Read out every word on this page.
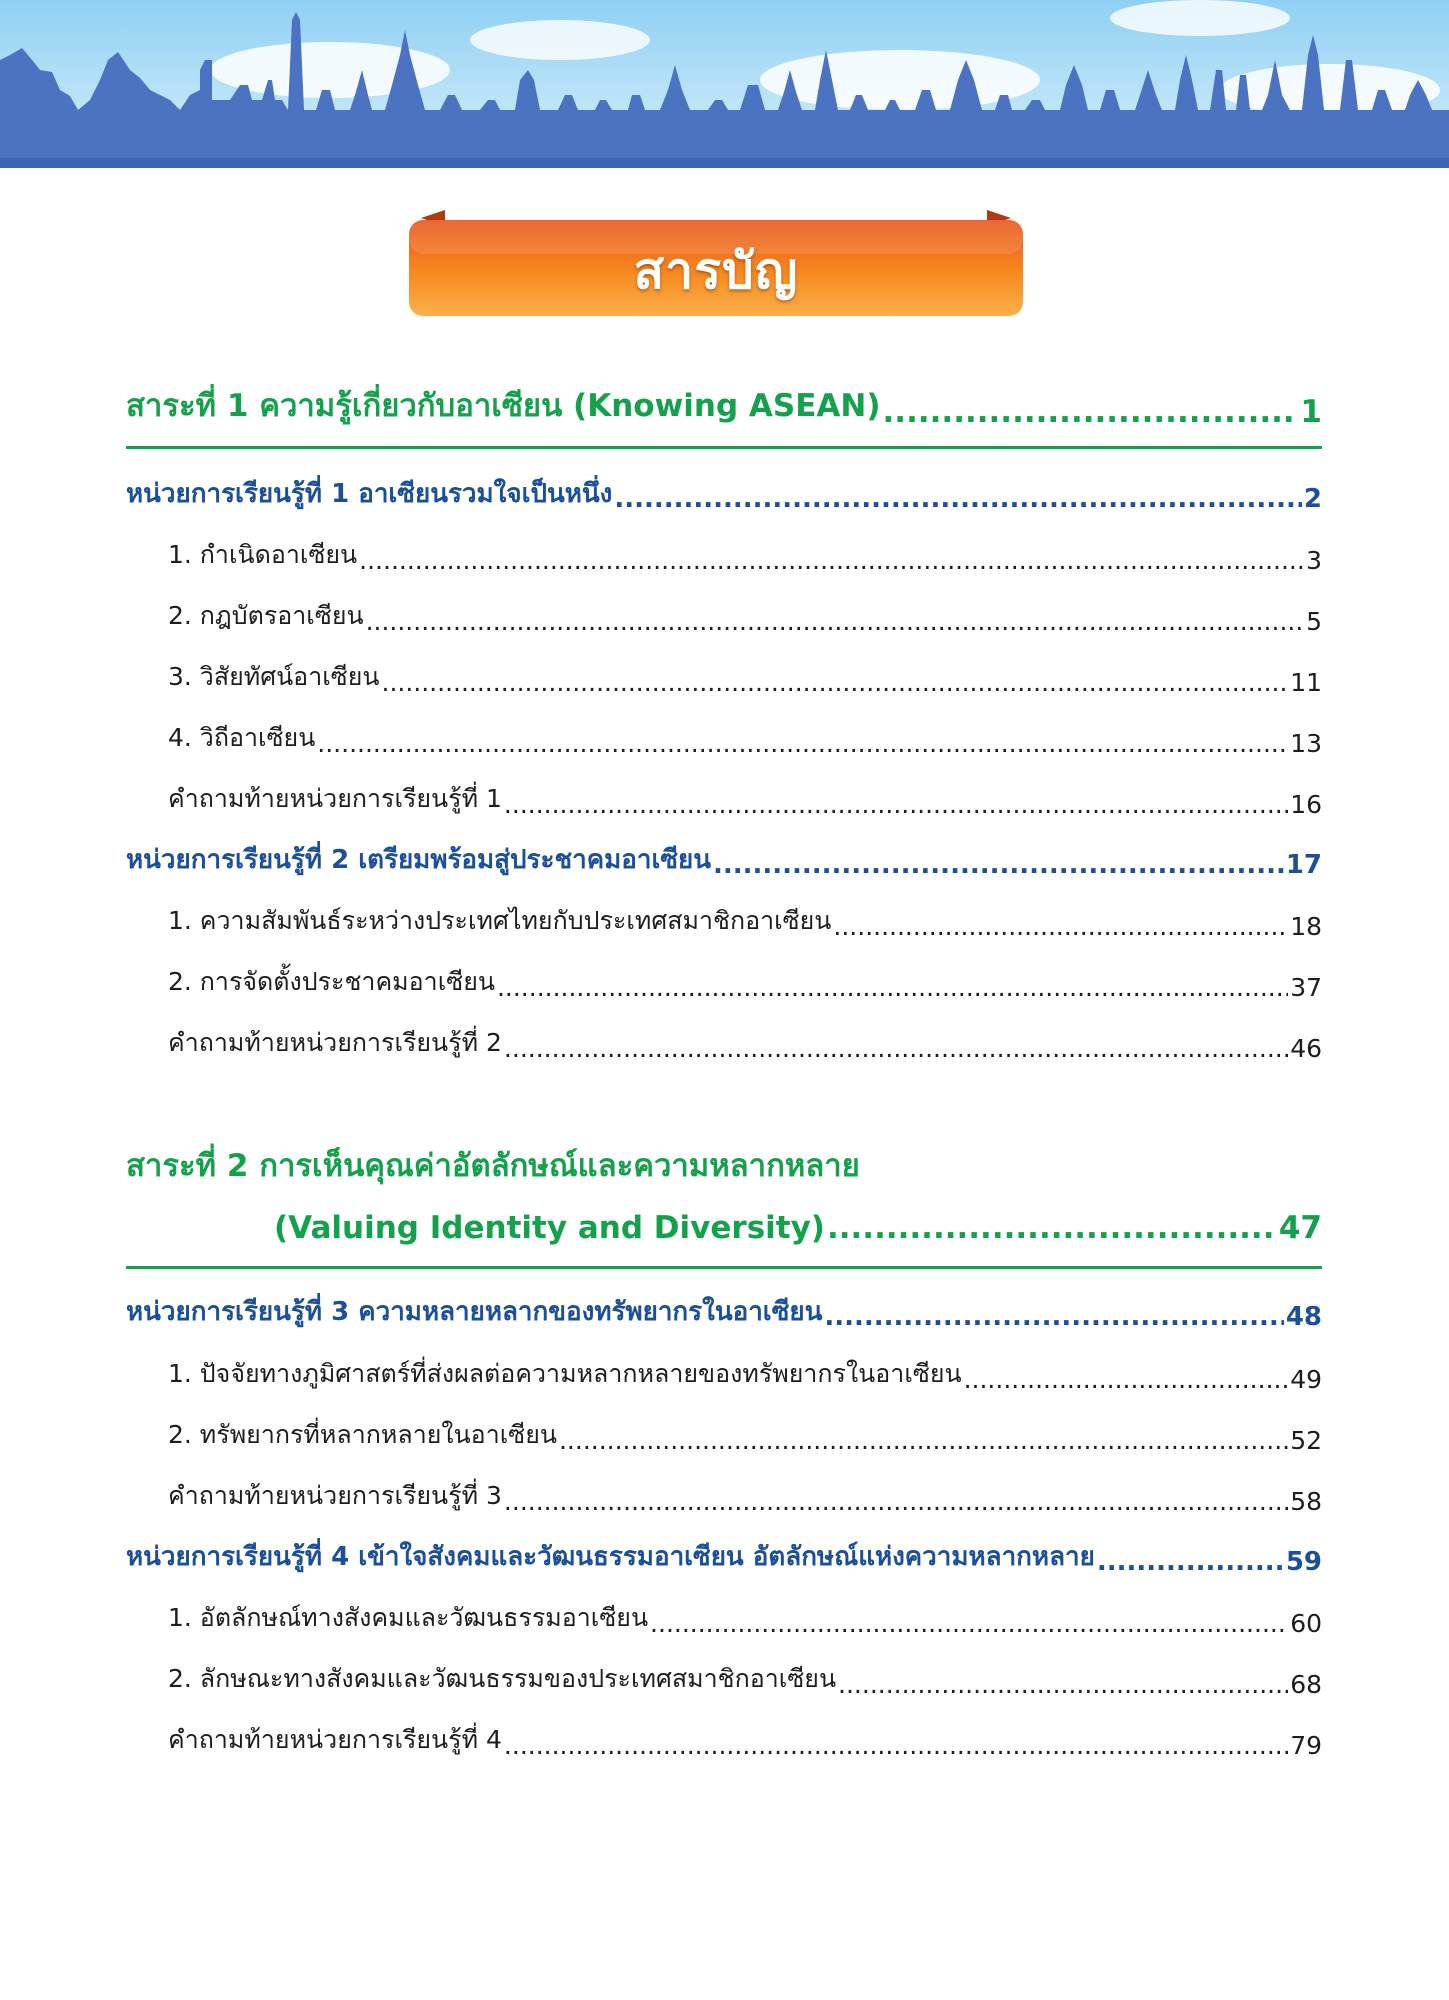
สารบัญ
สาระที่ 1 ความรู้เกี่ยวกับอาเซียน (Knowing ASEAN) .....	1
หน่วยการเรียนรู้ที่ 1 อาเซียนรวมใจเป็นหนึ่ง .....	2
1. กำเนิดอาเซียน .....	3
2. กฎบัตรอาเซียน .....	5
3. วิสัยทัศน์อาเซียน .....	11
4. วิถีอาเซียน .....	13
คำถามท้ายหน่วยการเรียนรู้ที่ 1 .....	16
หน่วยการเรียนรู้ที่ 2 เตรียมพร้อมสู่ประชาคมอาเซียน .....	17
1. ความสัมพันธ์ระหว่างประเทศไทยกับประเทศสมาชิกอาเซียน .....	18
2. การจัดตั้งประชาคมอาเซียน .....	37
คำถามท้ายหน่วยการเรียนรู้ที่ 2 .....	46
สาระที่ 2 การเห็นคุณค่าอัตลักษณ์และความหลากหลาย
(Valuing Identity and Diversity) .....	47
หน่วยการเรียนรู้ที่ 3 ความหลายหลากของทรัพยากรในอาเซียน .....	48
1. ปัจจัยทางภูมิศาสตร์ที่ส่งผลต่อความหลากหลายของทรัพยากรในอาเซียน .....	49
2. ทรัพยากรที่หลากหลายในอาเซียน .....	52
คำถามท้ายหน่วยการเรียนรู้ที่ 3 .....	58
หน่วยการเรียนรู้ที่ 4 เข้าใจสังคมและวัฒนธรรมอาเซียน อัตลักษณ์แห่งความหลากหลาย .....	59
1. อัตลักษณ์ทางสังคมและวัฒนธรรมอาเซียน .....	60
2. ลักษณะทางสังคมและวัฒนธรรมของประเทศสมาชิกอาเซียน .....	68
คำถามท้ายหน่วยการเรียนรู้ที่ 4 .....	79
